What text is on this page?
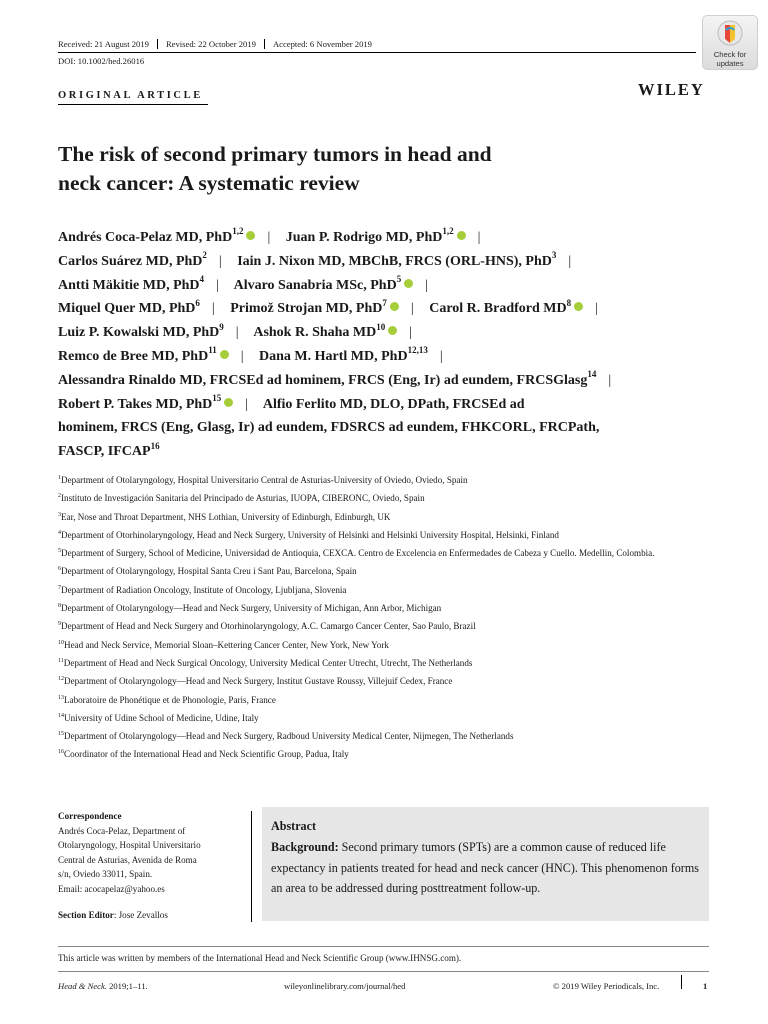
Received: 21 August 2019	Revised: 22 October 2019	Accepted: 6 November 2019
DOI: 10.1002/hed.26016
Check for
updates
ORIGINAL ARTICLE	WILEY
The risk of second primary tumors in head and
neck cancer: A systematic review
Andrés Coca-Pelaz MD, PhD$^{1,2}$ | Juan P. Rodrigo MD, PhD$^{1,2}$ |
Carlos Suárez MD, PhD$^2$ | Iain J. Nixon MD, MBChB, FRCS (ORL-HNS), PhD$^3$ |
Antti Mäkitie MD, PhD$^4$ | Alvaro Sanabria MSc, PhD$^5$ |
Miquel Quer MD, PhD$^6$ | Primož Strojan MD, PhD$^7$ | Carol R. Bradford $MD^8$ |
Luiz P. Kowalski MD, PhD$^9$ | Ashok R. Shaha MD$^{10}$ |
Remco de Bree MD, PhD$^{11}$ | Dana M. Hartl MD, PhD$^{12,13}$ |
Alessandra Rinaldo MD, FRCSEd ad hominem, FRCS (Eng, Ir) ad eundem, FRCSGlasg$^{14}$ |
Robert P. Takes MD, PhD$^{15}$ | Alfio Ferlito MD, DLO, DPath, FRCSEd ad
hominem, FRCS (Eng, Glasg, Ir) ad eundem, FDSRCS ad eundem, FHKCORL, FRCPath,
FASCP, IFCAP$^{16}$
$^1$Department of Otolaryngology, Hospital Universitario Central de Asturias-University of Oviedo, Oviedo, Spain
$^2$Instituto de Investigación Sanitaria del Principado de Asturias, IUOPA, CIBERONC, Oviedo, Spain
$^3$Ear, Nose and Throat Department, NHS Lothian, University of Edinburgh, Edinburgh, UK
$^4$Department of Otorhinolaryngology, Head and Neck Surgery, University of Helsinki and Helsinki University Hospital, Helsinki, Finland
$^5$Department of Surgery, School of Medicine, Universidad de Antioquia, CEXCA. Centro de Excelencia en Enfermedades de Cabeza y Cuello. Medellin, Colombia.
$^6$Department of Otolaryngology, Hospital Santa Creu i Sant Pau, Barcelona, Spain
$^7$Department of Radiation Oncology, Institute of Oncology, Ljubljana, Slovenia
$^8$Department of Otolaryngology—Head and Neck Surgery, University of Michigan, Ann Arbor, Michigan
$^9$Department of Head and Neck Surgery and Otorhinolaryngology, A.C. Camargo Cancer Center, Sao Paulo, Brazil
$^{10}$Head and Neck Service, Memorial Sloan–Kettering Cancer Center, New York, New York
$^{11}$Department of Head and Neck Surgical Oncology, University Medical Center Utrecht, Utrecht, The Netherlands
$^{12}$Department of Otolaryngology—Head and Neck Surgery, Institut Gustave Roussy, Villejuif Cedex, France
$^{13}$Laboratoire de Phonétique et de Phonologie, Paris, France
$^{14}$University of Udine School of Medicine, Udine, Italy
$^{15}$Department of Otolaryngology—Head and Neck Surgery, Radboud University Medical Center, Nijmegen, The Netherlands
$^{16}$Coordinator of the International Head and Neck Scientific Group, Padua, Italy
Correspondence
Andrés Coca-Pelaz, Department of
Otolaryngology, Hospital Universitario
Central de Asturias, Avenida de Roma
s/n, Oviedo 33011, Spain.
Email: acocapelaz@yahoo.es
Section Editor: Jose Zevallos
Abstract
Background: Second primary tumors (SPTs) are a common cause of reduced life expectancy in patients treated for head and neck cancer (HNC). This phenomenon forms an area to be addressed during posttreatment follow-up.
This article was written by members of the International Head and Neck Scientific Group (www.IHNSG.com).
Head & Neck. 2019;1–11.	wileyonlinelibrary.com/journal/hed	© 2019 Wiley Periodicals, Inc.	1
